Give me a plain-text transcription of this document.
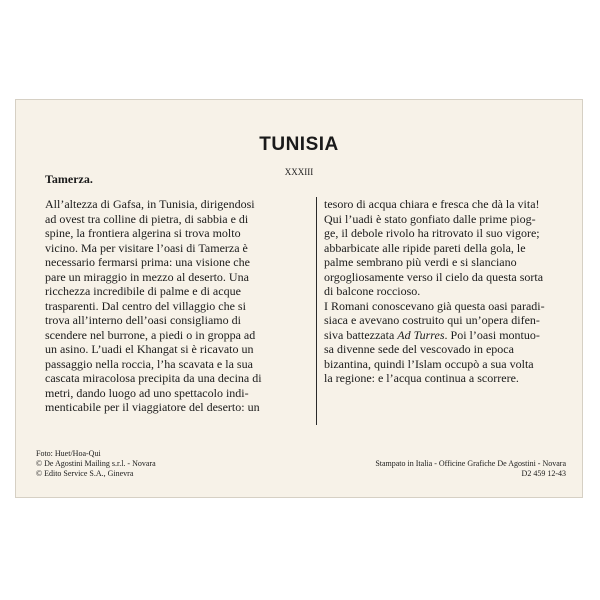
TUNISIA
XXXIII
Tamerza.

All’altezza di Gafsa, in Tunisia, dirigendosi
ad ovest tra colline di pietra, di sabbia e di
spine, la frontiera algerina si trova molto
vicino. Ma per visitare l’oasi di Tamerza è
necessario fermarsi prima: una visione che
pare un miraggio in mezzo al deserto. Una
ricchezza incredibile di palme e di acque
trasparenti. Dal centro del villaggio che si
trova all’interno dell’oasi consigliamo di
scendere nel burrone, a piedi o in groppa ad
un asino. L’uadi el Khangat si è ricavato un
passaggio nella roccia, l’ha scavata e la sua
cascata miracolosa precipita da una decina di
metri, dando luogo ad uno spettacolo indi-
menticabile per il viaggiatore del deserto: un

tesoro di acqua chiara e fresca che dà la vita!
Qui l’uadi è stato gonfiato dalle prime piog-
ge, il debole rivolo ha ritrovato il suo vigore;
abbarbicate alle ripide pareti della gola, le
palme sembrano più verdi e si slanciano
orgogliosamente verso il cielo da questa sorta
di balcone roccioso.

I Romani conoscevano già questa oasi paradi-
siaca e avevano costruito qui un’opera difen-
siva battezzata Ad Turres. Poi l’oasi montuo-
sa divenne sede del vescovado in epoca
bizantina, quindi l’Islam occupò a sua volta
la regione: e l’acqua continua a scorrere.

Foto: Huet/Hoa-Qui
© De Agostini Mailing s.r.l. - Novara
© Edito Service S.A., Ginevra
Stampato in Italia - Officine Grafiche De Agostini - Novara
D2 459 12-43
